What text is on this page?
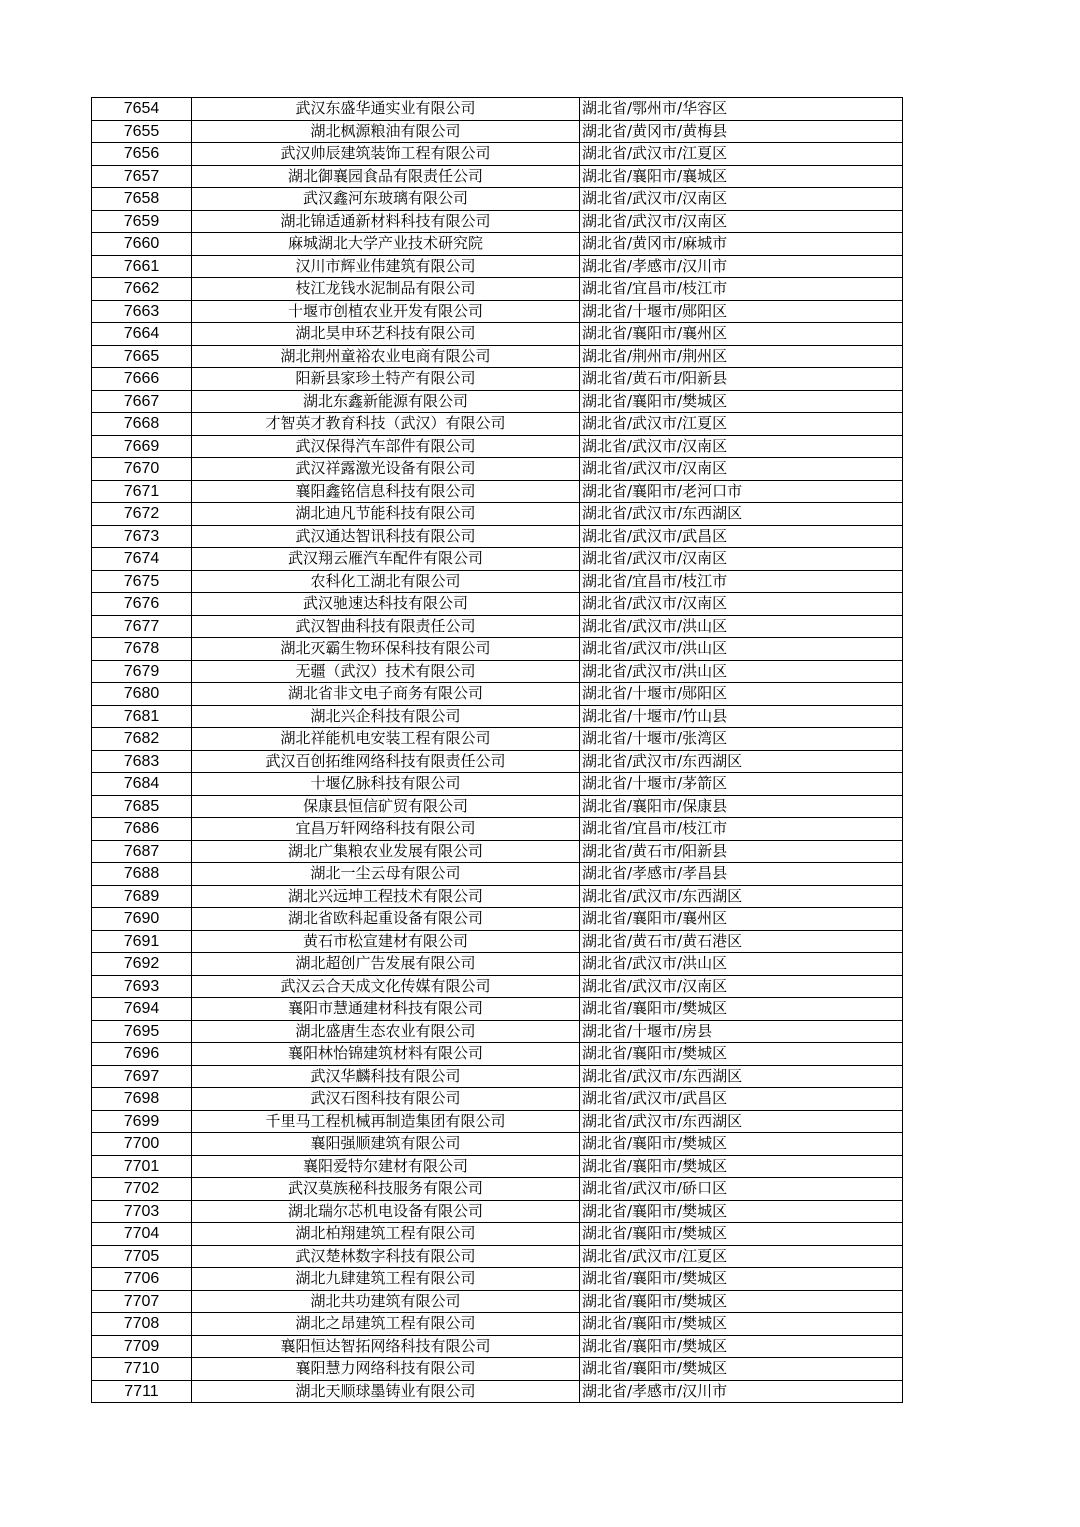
7654	武汉东盛华通实业有限公司	湖北省/鄂州市/华容区
7655	湖北枫源粮油有限公司	湖北省/黄冈市/黄梅县
7656	武汉帅辰建筑装饰工程有限公司	湖北省/武汉市/江夏区
7657	湖北御襄园食品有限责任公司	湖北省/襄阳市/襄城区
7658	武汉鑫河东玻璃有限公司	湖北省/武汉市/汉南区
7659	湖北锦适通新材料科技有限公司	湖北省/武汉市/汉南区
7660	麻城湖北大学产业技术研究院	湖北省/黄冈市/麻城市
7661	汉川市辉业伟建筑有限公司	湖北省/孝感市/汉川市
7662	枝江龙钱水泥制品有限公司	湖北省/宜昌市/枝江市
7663	十堰市创植农业开发有限公司	湖北省/十堰市/郧阳区
7664	湖北昊申环艺科技有限公司	湖北省/襄阳市/襄州区
7665	湖北荆州童裕农业电商有限公司	湖北省/荆州市/荆州区
7666	阳新县家珍土特产有限公司	湖北省/黄石市/阳新县
7667	湖北东鑫新能源有限公司	湖北省/襄阳市/樊城区
7668	才智英才教育科技（武汉）有限公司	湖北省/武汉市/江夏区
7669	武汉保得汽车部件有限公司	湖北省/武汉市/汉南区
7670	武汉祥露激光设备有限公司	湖北省/武汉市/汉南区
7671	襄阳鑫铭信息科技有限公司	湖北省/襄阳市/老河口市
7672	湖北迪凡节能科技有限公司	湖北省/武汉市/东西湖区
7673	武汉通达智讯科技有限公司	湖北省/武汉市/武昌区
7674	武汉翔云雁汽车配件有限公司	湖北省/武汉市/汉南区
7675	农科化工湖北有限公司	湖北省/宜昌市/枝江市
7676	武汉驰速达科技有限公司	湖北省/武汉市/汉南区
7677	武汉智曲科技有限责任公司	湖北省/武汉市/洪山区
7678	湖北灭霸生物环保科技有限公司	湖北省/武汉市/洪山区
7679	无疆（武汉）技术有限公司	湖北省/武汉市/洪山区
7680	湖北省非文电子商务有限公司	湖北省/十堰市/郧阳区
7681	湖北兴企科技有限公司	湖北省/十堰市/竹山县
7682	湖北祥能机电安装工程有限公司	湖北省/十堰市/张湾区
7683	武汉百创拓维网络科技有限责任公司	湖北省/武汉市/东西湖区
7684	十堰亿脉科技有限公司	湖北省/十堰市/茅箭区
7685	保康县恒信矿贸有限公司	湖北省/襄阳市/保康县
7686	宜昌万轩网络科技有限公司	湖北省/宜昌市/枝江市
7687	湖北广集粮农业发展有限公司	湖北省/黄石市/阳新县
7688	湖北一尘云母有限公司	湖北省/孝感市/孝昌县
7689	湖北兴远坤工程技术有限公司	湖北省/武汉市/东西湖区
7690	湖北省欧科起重设备有限公司	湖北省/襄阳市/襄州区
7691	黄石市松宣建材有限公司	湖北省/黄石市/黄石港区
7692	湖北超创广告发展有限公司	湖北省/武汉市/洪山区
7693	武汉云合天成文化传媒有限公司	湖北省/武汉市/汉南区
7694	襄阳市慧通建材科技有限公司	湖北省/襄阳市/樊城区
7695	湖北盛唐生态农业有限公司	湖北省/十堰市/房县
7696	襄阳林怡锦建筑材料有限公司	湖北省/襄阳市/樊城区
7697	武汉华麟科技有限公司	湖北省/武汉市/东西湖区
7698	武汉石图科技有限公司	湖北省/武汉市/武昌区
7699	千里马工程机械再制造集团有限公司	湖北省/武汉市/东西湖区
7700	襄阳强顺建筑有限公司	湖北省/襄阳市/樊城区
7701	襄阳爱特尔建材有限公司	湖北省/襄阳市/樊城区
7702	武汉莫族秘科技服务有限公司	湖北省/武汉市/硚口区
7703	湖北瑞尔芯机电设备有限公司	湖北省/襄阳市/樊城区
7704	湖北柏翔建筑工程有限公司	湖北省/襄阳市/樊城区
7705	武汉楚林数字科技有限公司	湖北省/武汉市/江夏区
7706	湖北九肆建筑工程有限公司	湖北省/襄阳市/樊城区
7707	湖北共功建筑有限公司	湖北省/襄阳市/樊城区
7708	湖北之昂建筑工程有限公司	湖北省/襄阳市/樊城区
7709	襄阳恒达智拓网络科技有限公司	湖北省/襄阳市/樊城区
7710	襄阳慧力网络科技有限公司	湖北省/襄阳市/樊城区
7711	湖北天顺球墨铸业有限公司	湖北省/孝感市/汉川市
